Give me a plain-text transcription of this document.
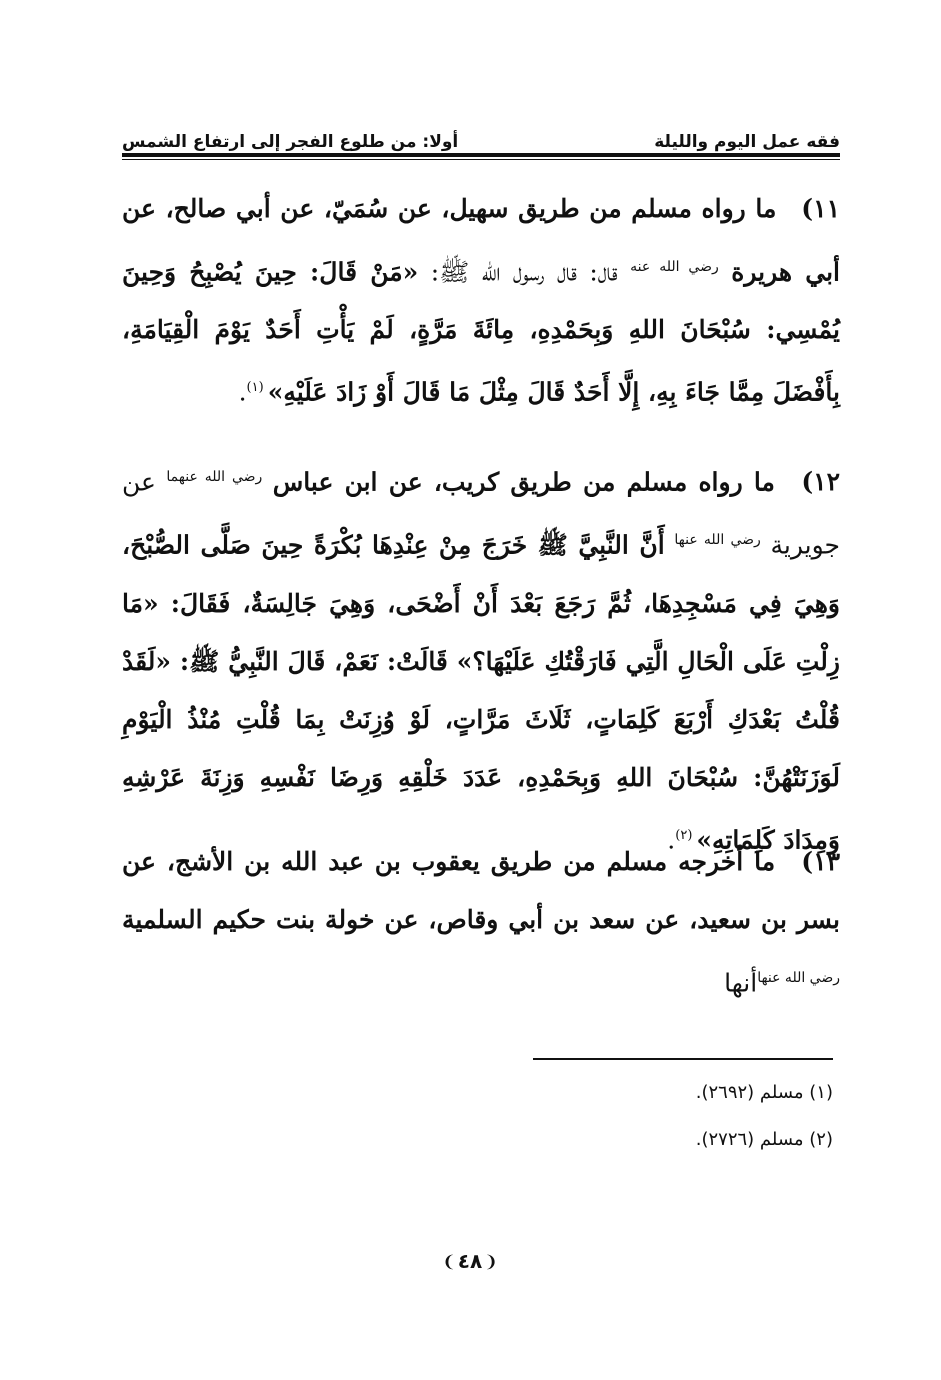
فقه عمل اليوم والليلة
أولا: من طلوع الفجر إلى ارتفاع الشمس
١١) ما رواه مسلم من طريق سهيل، عن سُمَيّ، عن أبي صالح، عن أبي هريرة $^{رضي الله عنه}$ قال: قال رسول الله ﷺ: «مَنْ قَالَ: حِينَ يُصْبِحُ وَحِينَ يُمْسِي: سُبْحَانَ اللهِ وَبِحَمْدِهِ، مِائَةَ مَرَّةٍ، لَمْ يَأْتِ أَحَدٌ يَوْمَ الْقِيَامَةِ، بِأَفْضَلَ مِمَّا جَاءَ بِهِ، إِلَّا أَحَدٌ قَالَ مِثْلَ مَا قَالَ أَوْ زَادَ عَلَيْهِ»$^{(١)}$.
١٢) ما رواه مسلم من طريق كريب، عن ابن عباس $^{رضي الله عنهما}$ عن جويرية $^{رضي الله عنها}$ أَنَّ النَّبِيَّ ﷺ خَرَجَ مِنْ عِنْدِهَا بُكْرَةً حِينَ صَلَّى الصُّبْحَ، وَهِيَ فِي مَسْجِدِهَا، ثُمَّ رَجَعَ بَعْدَ أَنْ أَضْحَى، وَهِيَ جَالِسَةٌ، فَقَالَ: «مَا زِلْتِ عَلَى الْحَالِ الَّتِي فَارَقْتُكِ عَلَيْهَا؟» قَالَتْ: نَعَمْ، قَالَ النَّبِيُّ ﷺ: «لَقَدْ قُلْتُ بَعْدَكِ أَرْبَعَ كَلِمَاتٍ، ثَلَاثَ مَرَّاتٍ، لَوْ وُزِنَتْ بِمَا قُلْتِ مُنْذُ الْيَوْمِ لَوَزَنَتْهُنَّ: سُبْحَانَ اللهِ وَبِحَمْدِهِ، عَدَدَ خَلْقِهِ وَرِضَا نَفْسِهِ وَزِنَةَ عَرْشِهِ وَمِدَادَ كَلِمَاتِهِ»$^{(٢)}$.
١٣) ما أخرجه مسلم من طريق يعقوب بن عبد الله بن الأشج، عن بسر بن سعيد، عن سعد بن أبي وقاص، عن خولة بنت حكيم السلمية $^{رضي الله عنها}$أنها
(١) مسلم (٢٦٩٢).
(٢) مسلم (٢٧٢٦).
❨ ٤٨ ❩
